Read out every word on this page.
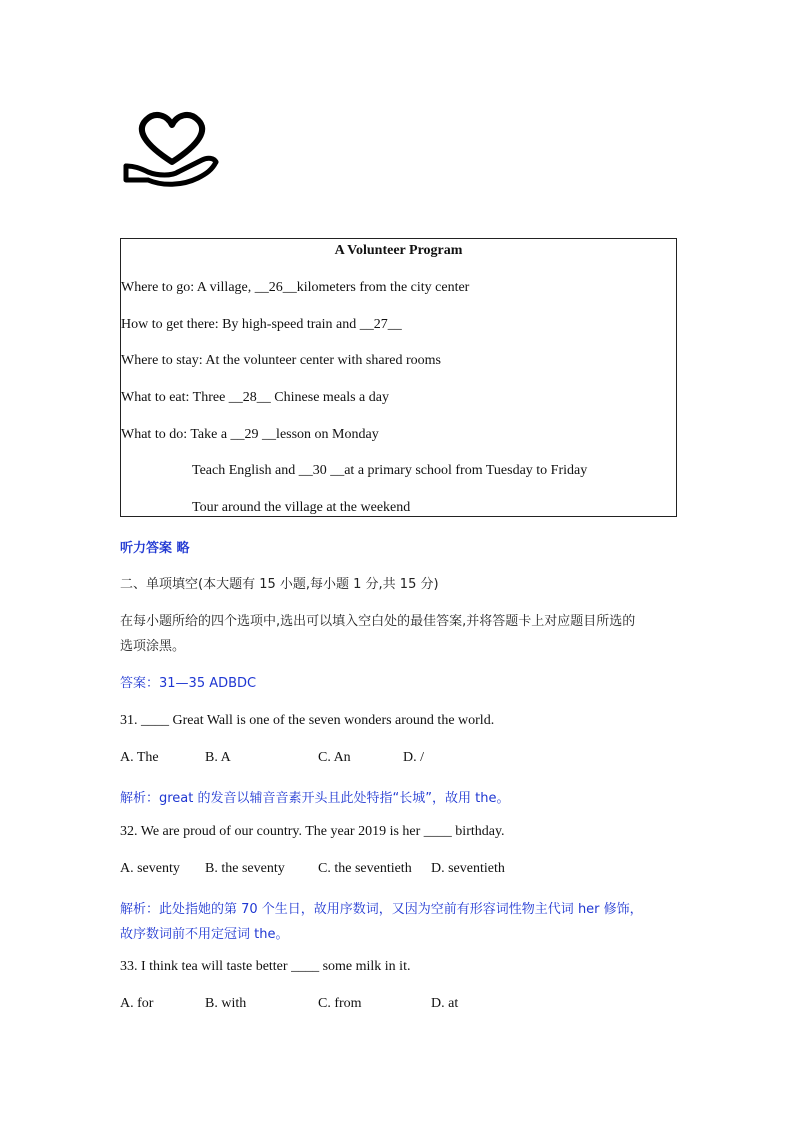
A Volunteer Program
Where to go: A village, __26__kilometers from the city center
How to get there: By high-speed train and __27__
Where to stay: At the volunteer center with shared rooms
What to eat: Three __28__ Chinese meals a day
What to do: Take a __29 __lesson on Monday
Teach English and __30 __at a primary school from Tuesday to Friday
Tour around the village at the weekend
听力答案 略
二、单项填空(本大题有 15 小题,每小题 1 分,共 15 分)
在每小题所给的四个选项中,选出可以填入空白处的最佳答案,并将答题卡上对应题目所选的
选项涂黑。
答案：31—35 ADBDC
31. ____ Great Wall is one of the seven wonders around the world.
A. The	B. A	C. An	D. /
解析：great 的发音以辅音音素开头且此处特指“长城”，故用 the。
32. We are proud of our country. The year 2019 is her ____ birthday.
A. seventy B. the seventy C. the seventieth D. seventieth
解析：此处指她的第 70 个生日，故用序数词，又因为空前有形容词性物主代词 her 修饰，
故序数词前不用定冠词 the。
33. I think tea will taste better ____ some milk in it.
A. for	B. with	C. from	D. at
